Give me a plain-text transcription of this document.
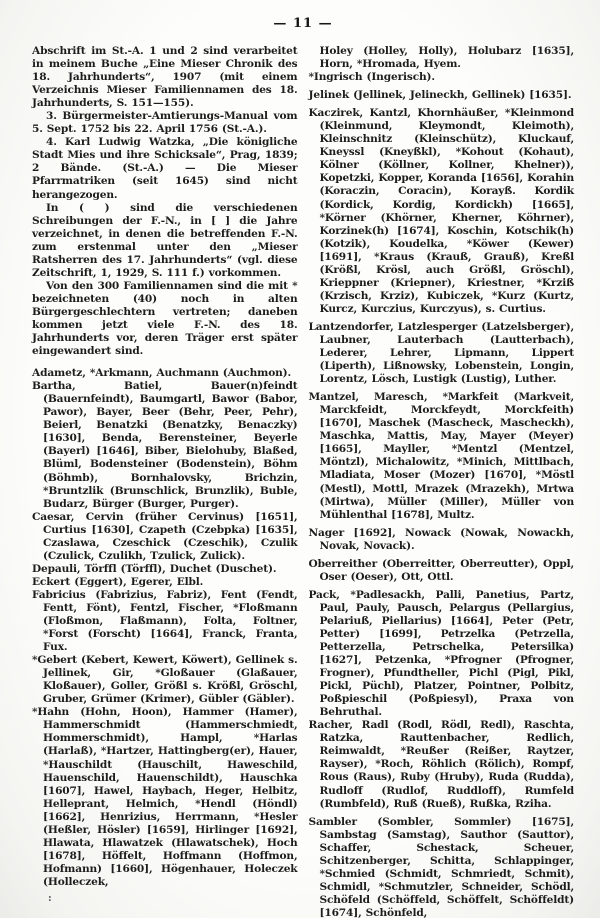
— 11 —

Abschrift im St.-A. 1 und 2 sind verarbeitet in meinem Buche „Eine Mieser Chronik des 18. Jahrhunderts“, 1907 (mit einem Verzeichnis Mieser Familiennamen des 18. Jahrhunderts, S. 151—155).

3. Bürgermeister-Amtierungs-Manual vom 5. Sept. 1752 bis 22. April 1756 (St.-A.).

4. Karl Ludwig Watzka, „Die königliche Stadt Mies und ihre Schicksale“, Prag, 1839; 2 Bände. (St.-A.) — Die Mieser Pfarrmatriken (seit 1645) sind nicht herangezogen.

In ( ) sind die verschiedenen Schreibungen der F.-N., in [ ] die Jahre verzeichnet, in denen die betreffenden F.-N. zum erstenmal unter den „Mieser Ratsherren des 17. Jahrhunderts“ (vgl. diese Zeitschrift, 1, 1929, S. 111 f.) vorkommen.

Von den 300 Familiennamen sind die mit * bezeichneten (40) noch in alten Bürgergeschlechtern vertreten; daneben kommen jetzt viele F.-N. des 18. Jahrhunderts vor, deren Träger erst später eingewandert sind.

Adametz, *Arkmann, Auchmann (Auchmon).

Bartha, Batiel, Bauer(n)feindt (Bauernfeindt), Baumgartl, Bawor (Babor, Pawor), Bayer, Beer (Behr, Peer, Pehr), Beierl, Benatzki (Benatzky, Benaczky) [1630], Benda, Berensteiner, Beyerle (Bayerl) [1646], Biber, Bielohuby, Blaßed, Blüml, Bodensteiner (Bodenstein), Böhm (Böhmb), Bornhalovsky, Brichzin, *Bruntzlik (Brunschlick, Brunzlik), Buble, Budarz, Bürger (Burger, Purger).

Caesar, Cervin (früher Cervinus) [1651], Curtius [1630], Czapeth (Czebpka) [1635], Czaslawa, Czeschick (Czeschik), Czulik (Czulick, Czulikh, Tzulick, Zulick).

Depauli, Törffl (Törffl), Duchet (Duschet).

Eckert (Eggert), Egerer, Elbl.

Fabricius (Fabrizius, Fabriz), Fent (Fendt, Fentt, Fönt), Fentzl, Fischer, *Floßmann (Floßmon, Flaßmann), Folta, Foltner, *Forst (Forscht) [1664], Franck, Franta, Fux.

*Gebert (Kebert, Kewert, Köwert), Gellinek s. Jellinek, Gir, *Gloßauer (Glaßauer, Kloßauer), Goller, Größl s. Krößl, Gröschl, Gruber, Grümer (Krimer), Gübler (Gäbler).

*Hahn (Hohn, Hoon), Hammer (Hamer), Hammerschmidt (Hammerschmiedt, Hommerschmidt), Hampl, *Harlas (Harlaß), *Hartzer, Hattingberg(er), Hauer, *Hauschildt (Hauschilt, Haweschild, Hauenschild, Hauenschildt), Hauschka [1607], Hawel, Haybach, Heger, Helbitz, Helleprant, Helmich, *Hendl (Höndl) [1662], Henrizius, Herrmann, *Hesler (Heßler, Hösler) [1659], Hirlinger [1692], Hlawata, Hlawatzek (Hlawatschek), Hoch [1678], Höffelt, Hoffmann (Hoffmon, Hofmann) [1660], Högenhauer, Holeczek (Holleczek,

Holey (Holley, Holly), Holubarz [1635], Horn, *Hromada, Hyem.

*Ingrisch (Ingerisch).

Jelinek (Jellinek, Jelineckh, Gellinek) [1635].

Kaczirek, Kantzl, Khornhäußer, *Kleinmond (Kleinmund, Kleymondt, Kleimoth), Kleinschnitz (Kleinschütz), Kluckauf, Kneyssl (Kneyßkl), *Kohout (Kohaut), Kölner (Köllner, Kollner, Khelner)), Kopetzki, Kopper, Koranda [1656], Korahin (Koraczin, Coracin), Korayß. Kordik (Kordick, Kordig, Kordickh) [1665], *Körner (Khörner, Kherner, Köhrner), Korzinek(h) [1674], Koschin, Kotschik(h) (Kotzik), Koudelka, *Köwer (Kewer) [1691], *Kraus (Krauß, Grauß), Kreßl (Krößl, Krösl, auch Größl, Gröschl), Krieppner (Kriepner), Kriestner, *Krziß (Krzisch, Krziz), Kubiczek, *Kurz (Kurtz, Kurcz, Kurczius, Kurczyus), s. Curtius.

Lantzendorfer, Latzlesperger (Latzelsberger), Laubner, Lauterbach (Lautterbach), Lederer, Lehrer, Lipmann, Lippert (Liperth), Lißnowsky, Lobenstein, Longin, Lorentz, Lösch, Lustigk (Lustig), Luther.

Mantzel, Maresch, *Markfeit (Markveit, Marckfeidt, Morckfeydt, Morckfeith) [1670], Maschek (Mascheck, Mascheckh), Maschka, Mattis, May, Mayer (Meyer) [1665], Mayller, *Mentzl (Mentzel, Möntzl), Michalowitz, *Minich, Mittlbach, Mladiata, Moser (Mozer) [1670], *Möstl (Mestl), Mottl, Mrazek (Mrazekh), Mrtwa (Mirtwa), Müller (Miller), Müller von Mühlenthal [1678], Multz.

Nager [1692], Nowack (Nowak, Nowackh, Novak, Novack).

Oberreither (Oberreitter, Oberreutter), Oppl, Oser (Oeser), Ott, Ottl.

Pack, *Padlesackh, Palli, Panetius, Partz, Paul, Pauly, Pausch, Pelargus (Pellargius, Pelariuß, Piellarius) [1664], Peter (Petr, Petter) [1699], Petrzelka (Petrzella, Petterzella, Petrschelka, Petersilka) [1627], Petzenka, *Pfrogner (Pfrogner, Frogner), Pfundtheller, Pichl (Pigl, Pikl, Pickl, Püchl), Platzer, Pointner, Polbitz, Poßpieschil (Poßpiesyl), Praxa von Behruthal.

Racher, Radl (Rodl, Rödl, Redl), Raschta, Ratzka, Rauttenbacher, Redlich, Reimwaldt, *Reußer (Reißer, Raytzer, Rayser), *Roch, Röhlich (Rölich), Rompf, Rous (Raus), Ruby (Hruby), Ruda (Rudda), Rudloff (Rudlof, Ruddloff), Rumfeld (Rumbfeld), Ruß (Rueß), Rußka, Rziha.

Sambler (Sombler, Sommler) [1675], Sambstag (Samstag), Sauthor (Sauttor), Schaffer, Schestack, Scheuer, Schitzenberger, Schitta, Schlappinger, *Schmied (Schmidt, Schmriedt, Schmit), Schmidl, *Schmutzler, Schneider, Schödl, Schöfeld (Schöffeld, Schöffelt, Schöffeldt) [1674], Schönfeld,

:
